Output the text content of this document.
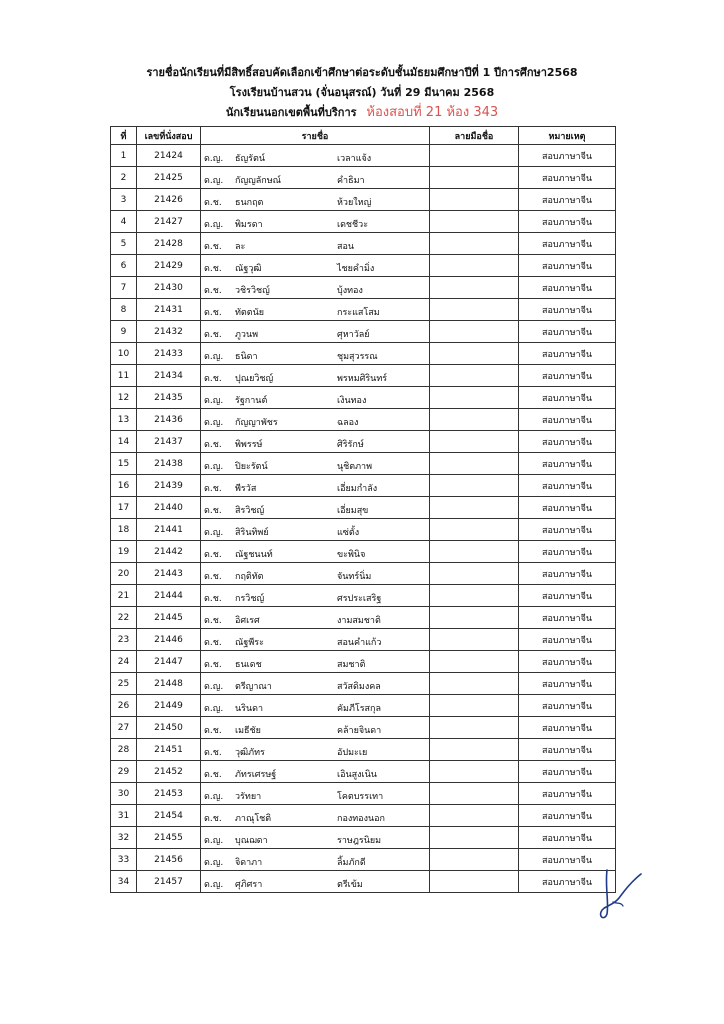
รายชื่อนักเรียนที่มีสิทธิ์สอบคัดเลือกเข้าศึกษาต่อระดับชั้นมัธยมศึกษาปีที่ 1 ปีการศึกษา2568
โรงเรียนบ้านสวน (จั่นอนุสรณ์) วันที่ 29 มีนาคม 2568
นักเรียนนอกเขตพื้นที่บริการ ห้องสอบที่ 21 ห้อง 343
ที่	เลขที่นั่งสอบ	รายชื่อ	ลายมือชื่อ	หมายเหตุ
1	21424	ด.ญ. ธัญรัตน์ เวลาแจ้ง		สอบภาษาจีน
2	21425	ด.ญ. กัญญลักษณ์ คำธิมา		สอบภาษาจีน
3	21426	ด.ช. ธนกฤต ห้วยใหญ่		สอบภาษาจีน
4	21427	ด.ญ. พิมรดา เดชชีวะ		สอบภาษาจีน
5	21428	ด.ช. ละ สอน		สอบภาษาจีน
6	21429	ด.ช. ณัฐวุฒิ ไชยคำมิ่ง		สอบภาษาจีน
7	21430	ด.ช. วชิรวิชญ์ บุ้งทอง		สอบภาษาจีน
8	21431	ด.ช. ทัตตนัย กระแสโสม		สอบภาษาจีน
9	21432	ด.ช. ภูวนพ ศุหาวัลย์		สอบภาษาจีน
10	21433	ด.ญ. ธนิดา ชุมสุวรรณ		สอบภาษาจีน
11	21434	ด.ช. ปุณยวิชญ์ พรหมศิรินทร์		สอบภาษาจีน
12	21435	ด.ญ. รัฐกานต์ เงินทอง		สอบภาษาจีน
13	21436	ด.ญ. กัญญาพัชร ฉลอง		สอบภาษาจีน
14	21437	ด.ช. พิพรรษ์ ศิริรักษ์		สอบภาษาจีน
15	21438	ด.ญ. ปิยะรัตน์ นุชิตภาพ		สอบภาษาจีน
16	21439	ด.ช. พีรวัส เอี่ยมกำลัง		สอบภาษาจีน
17	21440	ด.ช. สิรวิชญ์ เอี่ยมสุข		สอบภาษาจีน
18	21441	ด.ญ. สิรินทิพย์ แซ่ตั้ง		สอบภาษาจีน
19	21442	ด.ช. ณัฐชนนท์ ขะพินิจ		สอบภาษาจีน
20	21443	ด.ช. กฤติทัต จันทร์นิ่ม		สอบภาษาจีน
21	21444	ด.ช. กรวิชญ์ ศรประเสริฐ		สอบภาษาจีน
22	21445	ด.ช. อิศเรศ งามสมชาติ		สอบภาษาจีน
23	21446	ด.ช. ณัฐพีระ สอนคำแก้ว		สอบภาษาจีน
24	21447	ด.ช. ธนเดช สมชาติ		สอบภาษาจีน
25	21448	ด.ญ. ตรีญาณา สวัสดิมงคล		สอบภาษาจีน
26	21449	ด.ญ. นรินดา คัมภีโรสกุล		สอบภาษาจีน
27	21450	ด.ช. เมธีชัย คล้ายจินดา		สอบภาษาจีน
28	21451	ด.ช. วุฒิภัทร อัปมะเย		สอบภาษาจีน
29	21452	ด.ช. ภัทรเศรษฐ์ เอินสูงเนิน		สอบภาษาจีน
30	21453	ด.ญ. วรัทยา โคตบรรเทา		สอบภาษาจีน
31	21454	ด.ช. ภาณุโชติ กองทองนอก		สอบภาษาจีน
32	21455	ด.ญ. บุณฌดา ราษฎรนิยม		สอบภาษาจีน
33	21456	ด.ญ. จิดาภา ลิ้มภักดี		สอบภาษาจีน
34	21457	ด.ญ. ศุภิศรา ตรีเข้ม		สอบภาษาจีน
